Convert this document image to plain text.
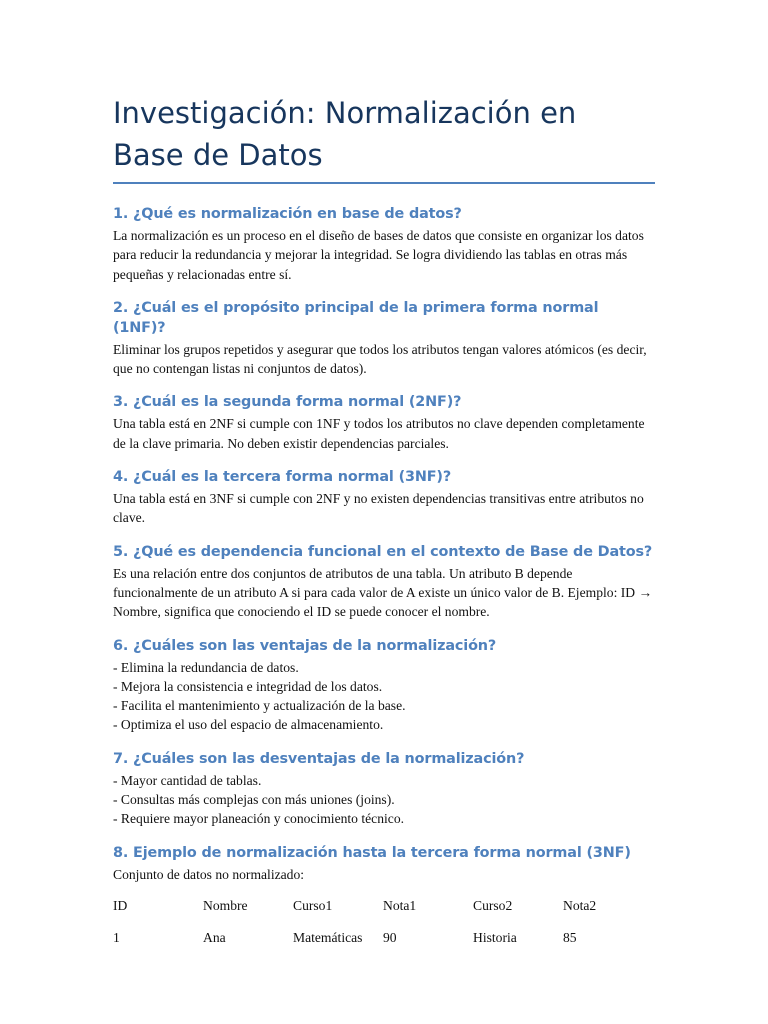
Investigación: Normalización en Base de Datos

1. ¿Qué es normalización en base de datos?

La normalización es un proceso en el diseño de bases de datos que consiste en organizar los datos para reducir la redundancia y mejorar la integridad. Se logra dividiendo las tablas en otras más pequeñas y relacionadas entre sí.

2. ¿Cuál es el propósito principal de la primera forma normal (1NF)?

Eliminar los grupos repetidos y asegurar que todos los atributos tengan valores atómicos (es decir, que no contengan listas ni conjuntos de datos).

3. ¿Cuál es la segunda forma normal (2NF)?

Una tabla está en 2NF si cumple con 1NF y todos los atributos no clave dependen completamente de la clave primaria. No deben existir dependencias parciales.

4. ¿Cuál es la tercera forma normal (3NF)?

Una tabla está en 3NF si cumple con 2NF y no existen dependencias transitivas entre atributos no clave.

5. ¿Qué es dependencia funcional en el contexto de Base de Datos?

Es una relación entre dos conjuntos de atributos de una tabla. Un atributo B depende funcionalmente de un atributo A si para cada valor de A existe un único valor de B. Ejemplo: ID → Nombre, significa que conociendo el ID se puede conocer el nombre.

6. ¿Cuáles son las ventajas de la normalización?

- Elimina la redundancia de datos.
- Mejora la consistencia e integridad de los datos.
- Facilita el mantenimiento y actualización de la base.
- Optimiza el uso del espacio de almacenamiento.

7. ¿Cuáles son las desventajas de la normalización?

- Mayor cantidad de tablas.
- Consultas más complejas con más uniones (joins).
- Requiere mayor planeación y conocimiento técnico.

8. Ejemplo de normalización hasta la tercera forma normal (3NF)

Conjunto de datos no normalizado:

ID	Nombre	Curso1	Nota1	Curso2	Nota2
1	Ana	Matemáticas	90	Historia	85
